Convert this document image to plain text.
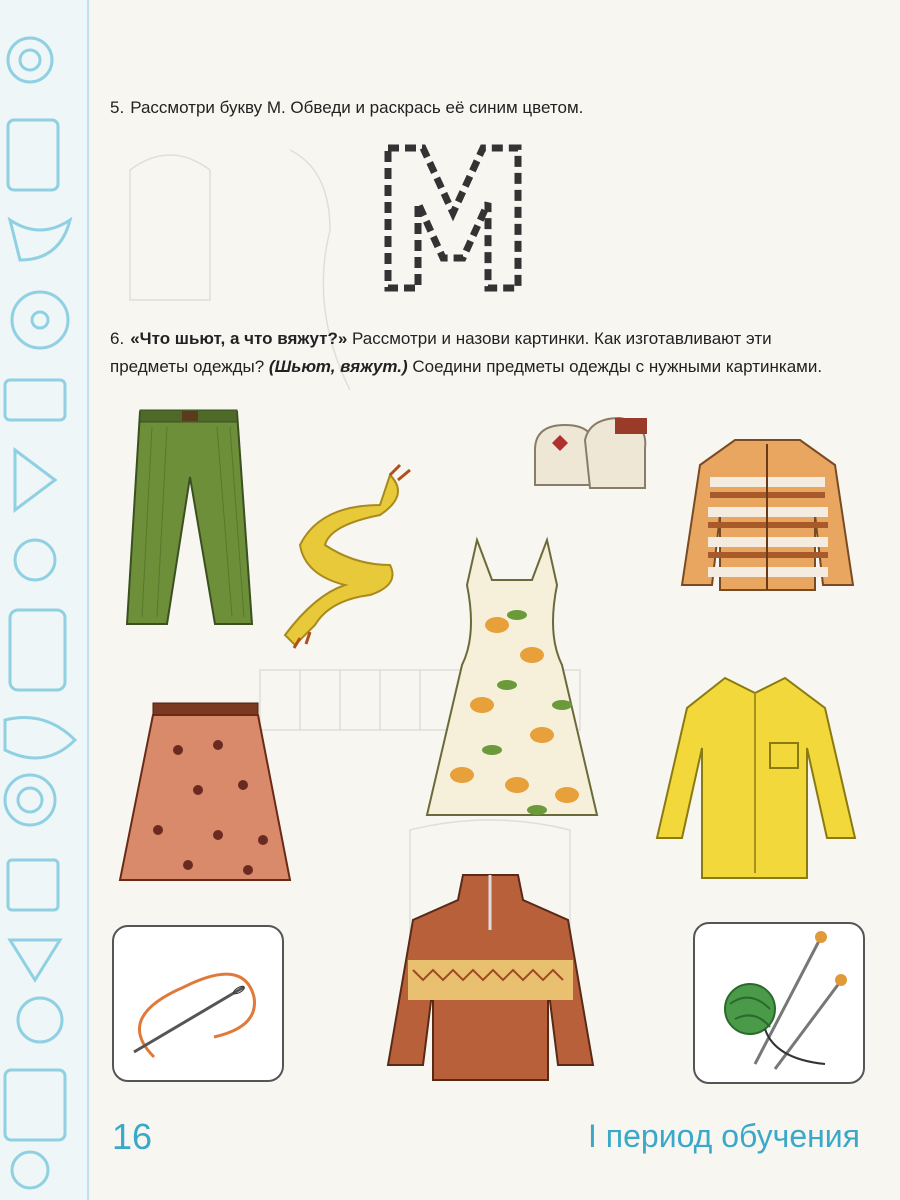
5. Рассмотри букву М. Обведи и раскрась её синим цветом.
М
6. «Что шьют, а что вяжут?» Рассмотри и назови картинки. Как изготавливают эти предметы одежды? (Шьют, вяжут.) Соедини предметы одежды с нужными картинками.
16	I период обучения
